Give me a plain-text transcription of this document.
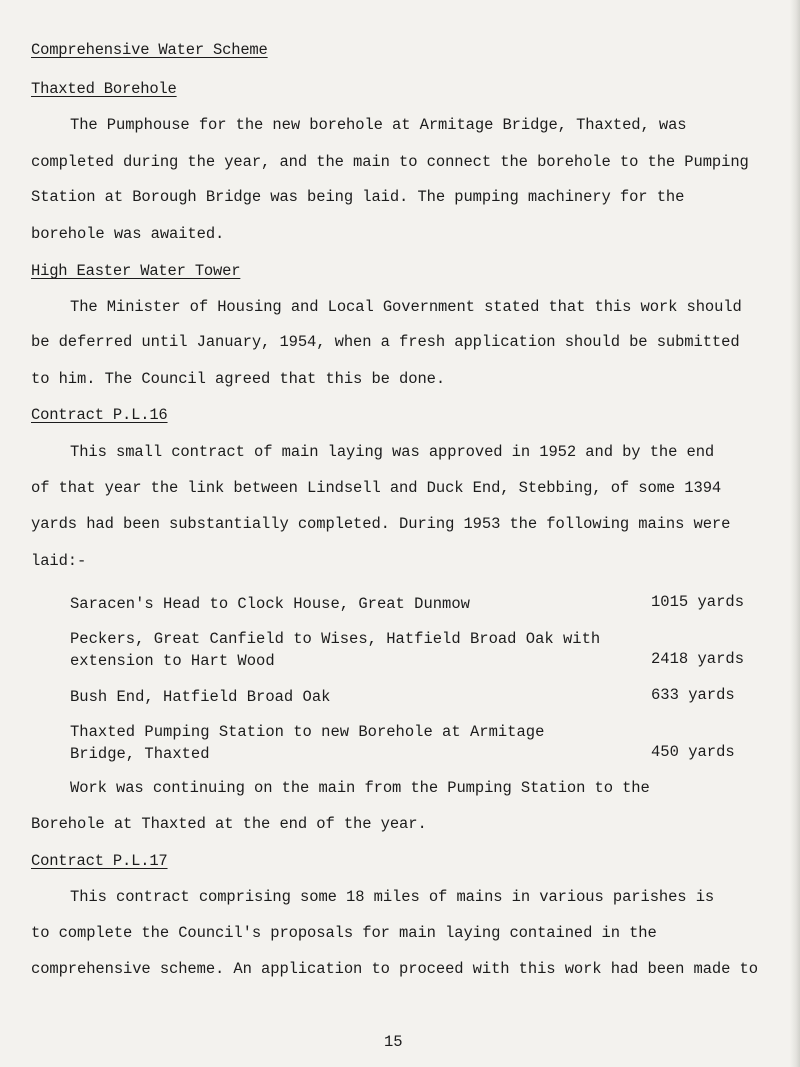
Comprehensive Water Scheme
Thaxted Borehole
The Pumphouse for the new borehole at Armitage Bridge, Thaxted, was
completed during the year, and the main to connect the borehole to the Pumping
Station at Borough Bridge was being laid. The pumping machinery for the
borehole was awaited.
High Easter Water Tower
The Minister of Housing and Local Government stated that this work should
be deferred until January, 1954, when a fresh application should be submitted
to him. The Council agreed that this be done.
Contract P.L.16
This small contract of main laying was approved in 1952 and by the end
of that year the link between Lindsell and Duck End, Stebbing, of some 1394
yards had been substantially completed. During 1953 the following mains were
laid:-
Saracen's Head to Clock House, Great Dunmow	1015 yards
Peckers, Great Canfield to Wises, Hatfield Broad Oak with extension to Hart Wood	2418 yards
Bush End, Hatfield Broad Oak	633 yards
Thaxted Pumping Station to new Borehole at Armitage Bridge, Thaxted	450 yards
Work was continuing on the main from the Pumping Station to the
Borehole at Thaxted at the end of the year.
Contract P.L.17
This contract comprising some 18 miles of mains in various parishes is
to complete the Council's proposals for main laying contained in the
comprehensive scheme. An application to proceed with this work had been made to
15
